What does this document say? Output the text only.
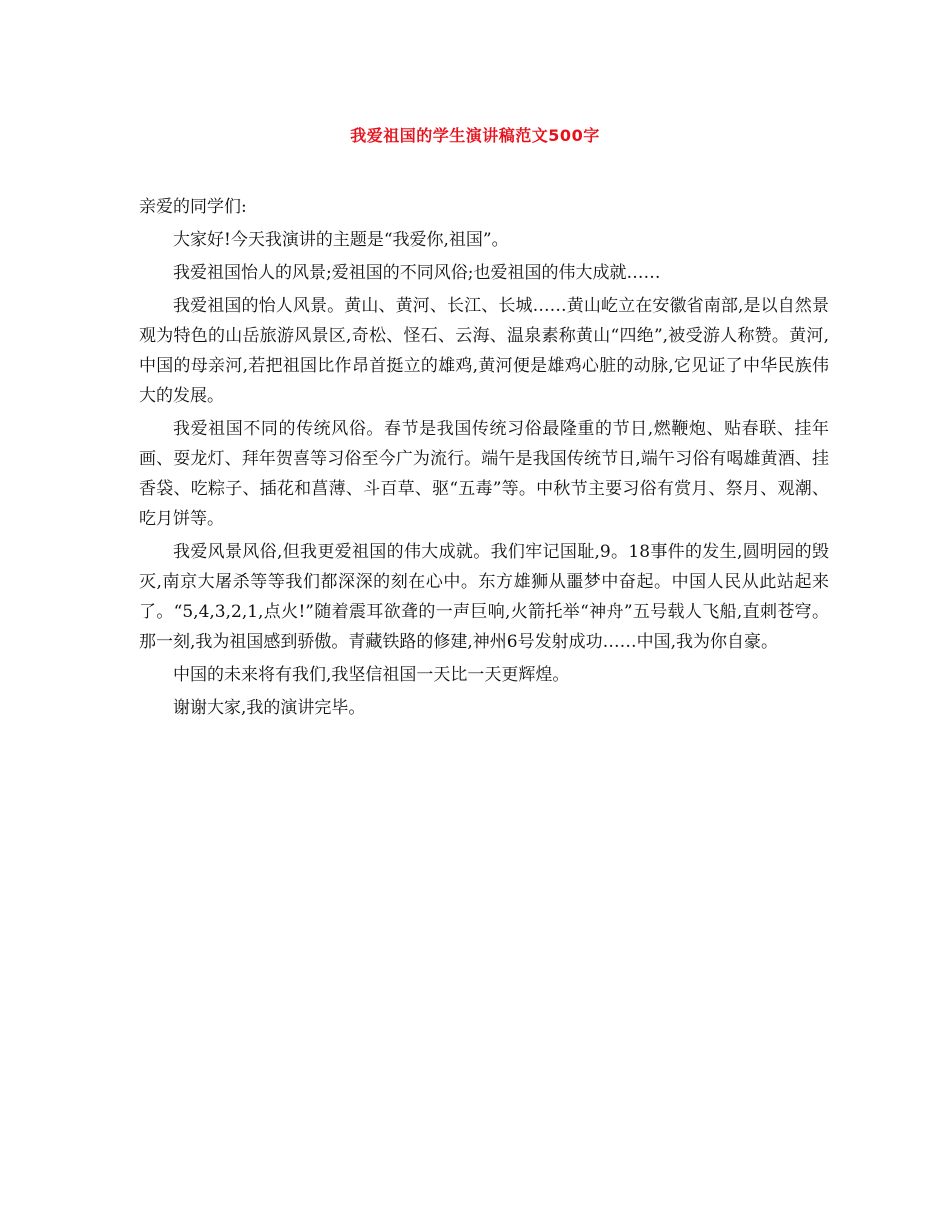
我爱祖国的学生演讲稿范文500字

亲爱的同学们:

大家好!今天我演讲的主题是“我爱你,祖国”。

我爱祖国怡人的风景;爱祖国的不同风俗;也爱祖国的伟大成就……

我爱祖国的怡人风景。黄山、黄河、长江、长城……黄山屹立在安徽省南部,是以自然景观为特色的山岳旅游风景区,奇松、怪石、云海、温泉素称黄山“四绝”,被受游人称赞。黄河,中国的母亲河,若把祖国比作昂首挺立的雄鸡,黄河便是雄鸡心脏的动脉,它见证了中华民族伟大的发展。

我爱祖国不同的传统风俗。春节是我国传统习俗最隆重的节日,燃鞭炮、贴春联、挂年画、耍龙灯、拜年贺喜等习俗至今广为流行。端午是我国传统节日,端午习俗有喝雄黄酒、挂香袋、吃粽子、插花和菖薄、斗百草、驱“五毒”等。中秋节主要习俗有赏月、祭月、观潮、吃月饼等。

我爱风景风俗,但我更爱祖国的伟大成就。我们牢记国耻,9。18事件的发生,圆明园的毁灭,南京大屠杀等等我们都深深的刻在心中。东方雄狮从噩梦中奋起。中国人民从此站起来了。“5,4,3,2,1,点火!”随着震耳欲聋的一声巨响,火箭托举“神舟”五号载人飞船,直刺苍穹。那一刻,我为祖国感到骄傲。青藏铁路的修建,神州6号发射成功……中国,我为你自豪。

中国的未来将有我们,我坚信祖国一天比一天更辉煌。

谢谢大家,我的演讲完毕。
